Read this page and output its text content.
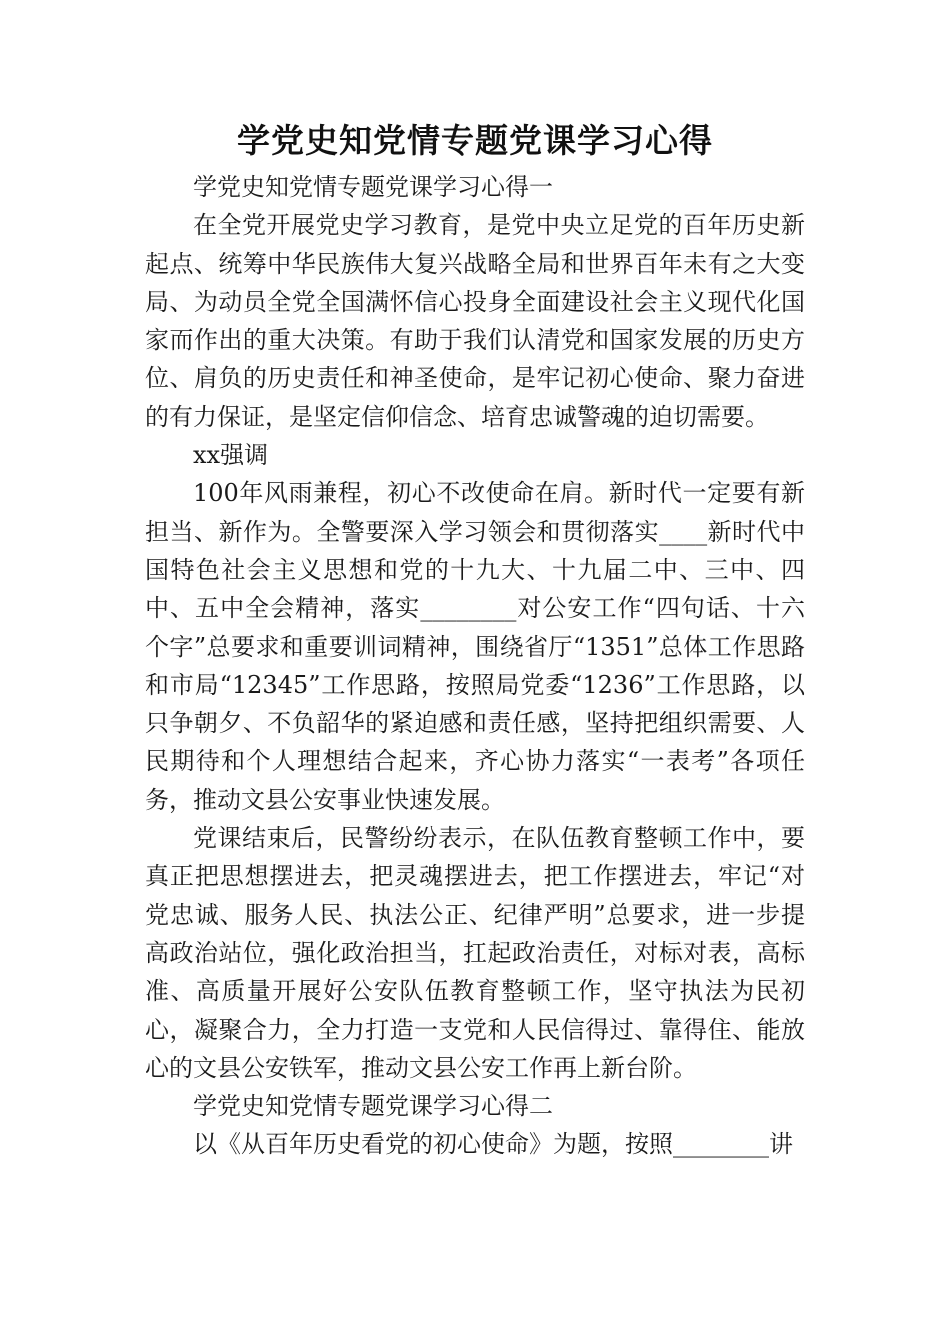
学党史知党情专题党课学习心得

学党史知党情专题党课学习心得一

在全党开展党史学习教育，是党中央立足党的百年历史新起点、统筹中华民族伟大复兴战略全局和世界百年未有之大变局、为动员全党全国满怀信心投身全面建设社会主义现代化国家而作出的重大决策。有助于我们认清党和国家发展的历史方位、肩负的历史责任和神圣使命，是牢记初心使命、聚力奋进的有力保证，是坚定信仰信念、培育忠诚警魂的迫切需要。

xx强调

100年风雨兼程，初心不改使命在肩。新时代一定要有新担当、新作为。全警要深入学习领会和贯彻落实____新时代中国特色社会主义思想和党的十九大、十九届二中、三中、四中、五中全会精神，落实________对公安工作“四句话、十六个字”总要求和重要训词精神，围绕省厅“1351”总体工作思路和市局“12345”工作思路，按照局党委“1236”工作思路，以只争朝夕、不负韶华的紧迫感和责任感，坚持把组织需要、人民期待和个人理想结合起来，齐心协力落实“一表考”各项任务，推动文县公安事业快速发展。

党课结束后，民警纷纷表示，在队伍教育整顿工作中，要真正把思想摆进去，把灵魂摆进去，把工作摆进去，牢记“对党忠诚、服务人民、执法公正、纪律严明”总要求，进一步提高政治站位，强化政治担当，扛起政治责任，对标对表，高标准、高质量开展好公安队伍教育整顿工作，坚守执法为民初心，凝聚合力，全力打造一支党和人民信得过、靠得住、能放心的文县公安铁军，推动文县公安工作再上新台阶。

学党史知党情专题党课学习心得二

以《从百年历史看党的初心使命》为题，按照________讲
